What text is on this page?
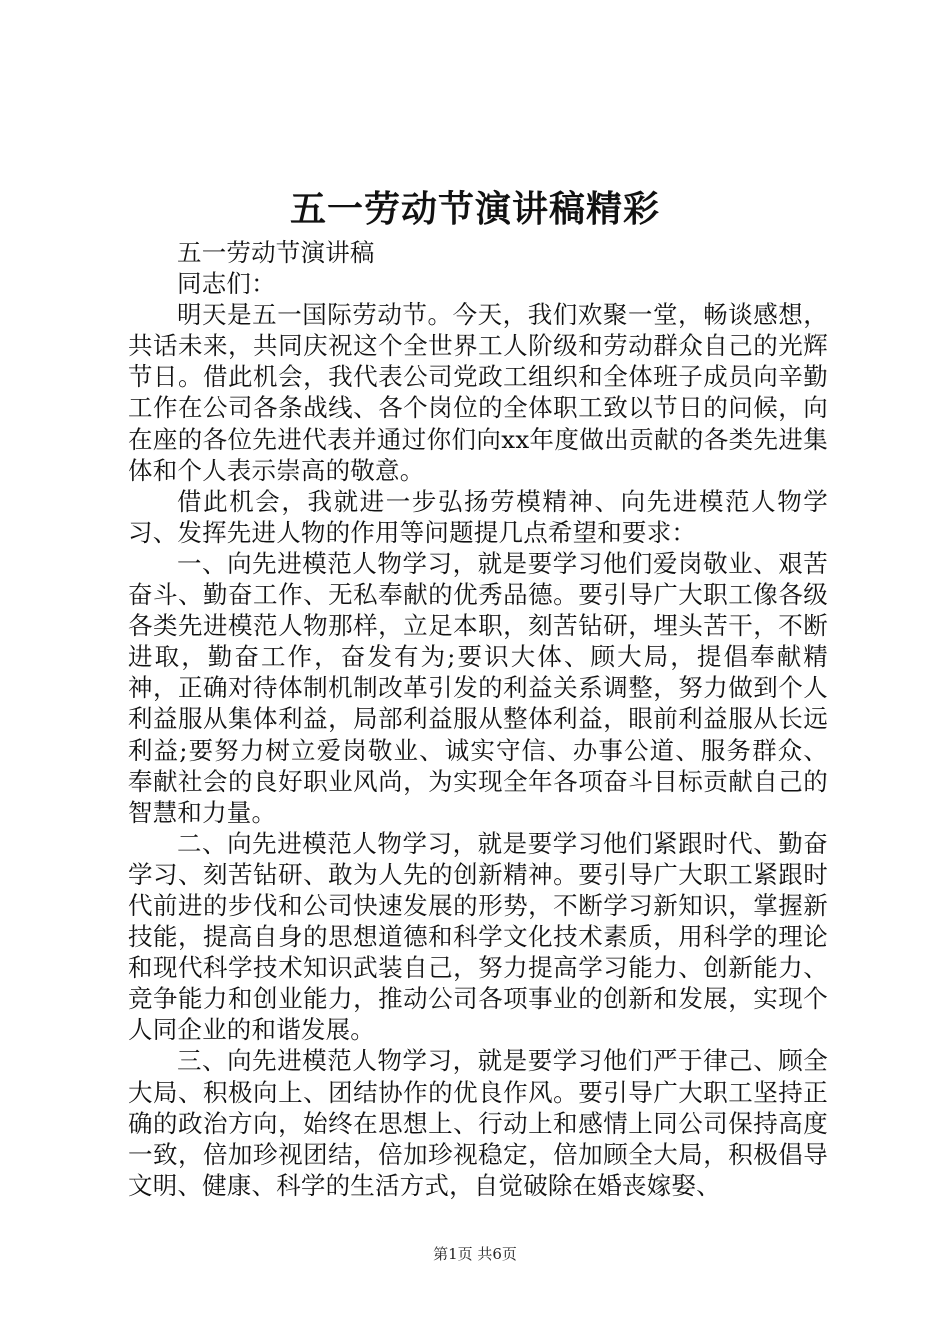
五一劳动节演讲稿精彩

五一劳动节演讲稿

同志们：

明天是五一国际劳动节。今天，我们欢聚一堂，畅谈感想，共话未来，共同庆祝这个全世界工人阶级和劳动群众自己的光辉节日。借此机会，我代表公司党政工组织和全体班子成员向辛勤工作在公司各条战线、各个岗位的全体职工致以节日的问候，向在座的各位先进代表并通过你们向xx年度做出贡献的各类先进集体和个人表示崇高的敬意。

借此机会，我就进一步弘扬劳模精神、向先进模范人物学习、发挥先进人物的作用等问题提几点希望和要求：

一、向先进模范人物学习，就是要学习他们爱岗敬业、艰苦奋斗、勤奋工作、无私奉献的优秀品德。要引导广大职工像各级各类先进模范人物那样，立足本职，刻苦钻研，埋头苦干，不断进取，勤奋工作，奋发有为;要识大体、顾大局，提倡奉献精神，正确对待体制机制改革引发的利益关系调整，努力做到个人利益服从集体利益，局部利益服从整体利益，眼前利益服从长远利益;要努力树立爱岗敬业、诚实守信、办事公道、服务群众、奉献社会的良好职业风尚，为实现全年各项奋斗目标贡献自己的智慧和力量。

二、向先进模范人物学习，就是要学习他们紧跟时代、勤奋学习、刻苦钻研、敢为人先的创新精神。要引导广大职工紧跟时代前进的步伐和公司快速发展的形势，不断学习新知识，掌握新技能，提高自身的思想道德和科学文化技术素质，用科学的理论和现代科学技术知识武装自己，努力提高学习能力、创新能力、竞争能力和创业能力，推动公司各项事业的创新和发展，实现个人同企业的和谐发展。

三、向先进模范人物学习，就是要学习他们严于律己、顾全大局、积极向上、团结协作的优良作风。要引导广大职工坚持正确的政治方向，始终在思想上、行动上和感情上同公司保持高度一致，倍加珍视团结，倍加珍视稳定，倍加顾全大局，积极倡导文明、健康、科学的生活方式，自觉破除在婚丧嫁娶、

第1页 共6页
